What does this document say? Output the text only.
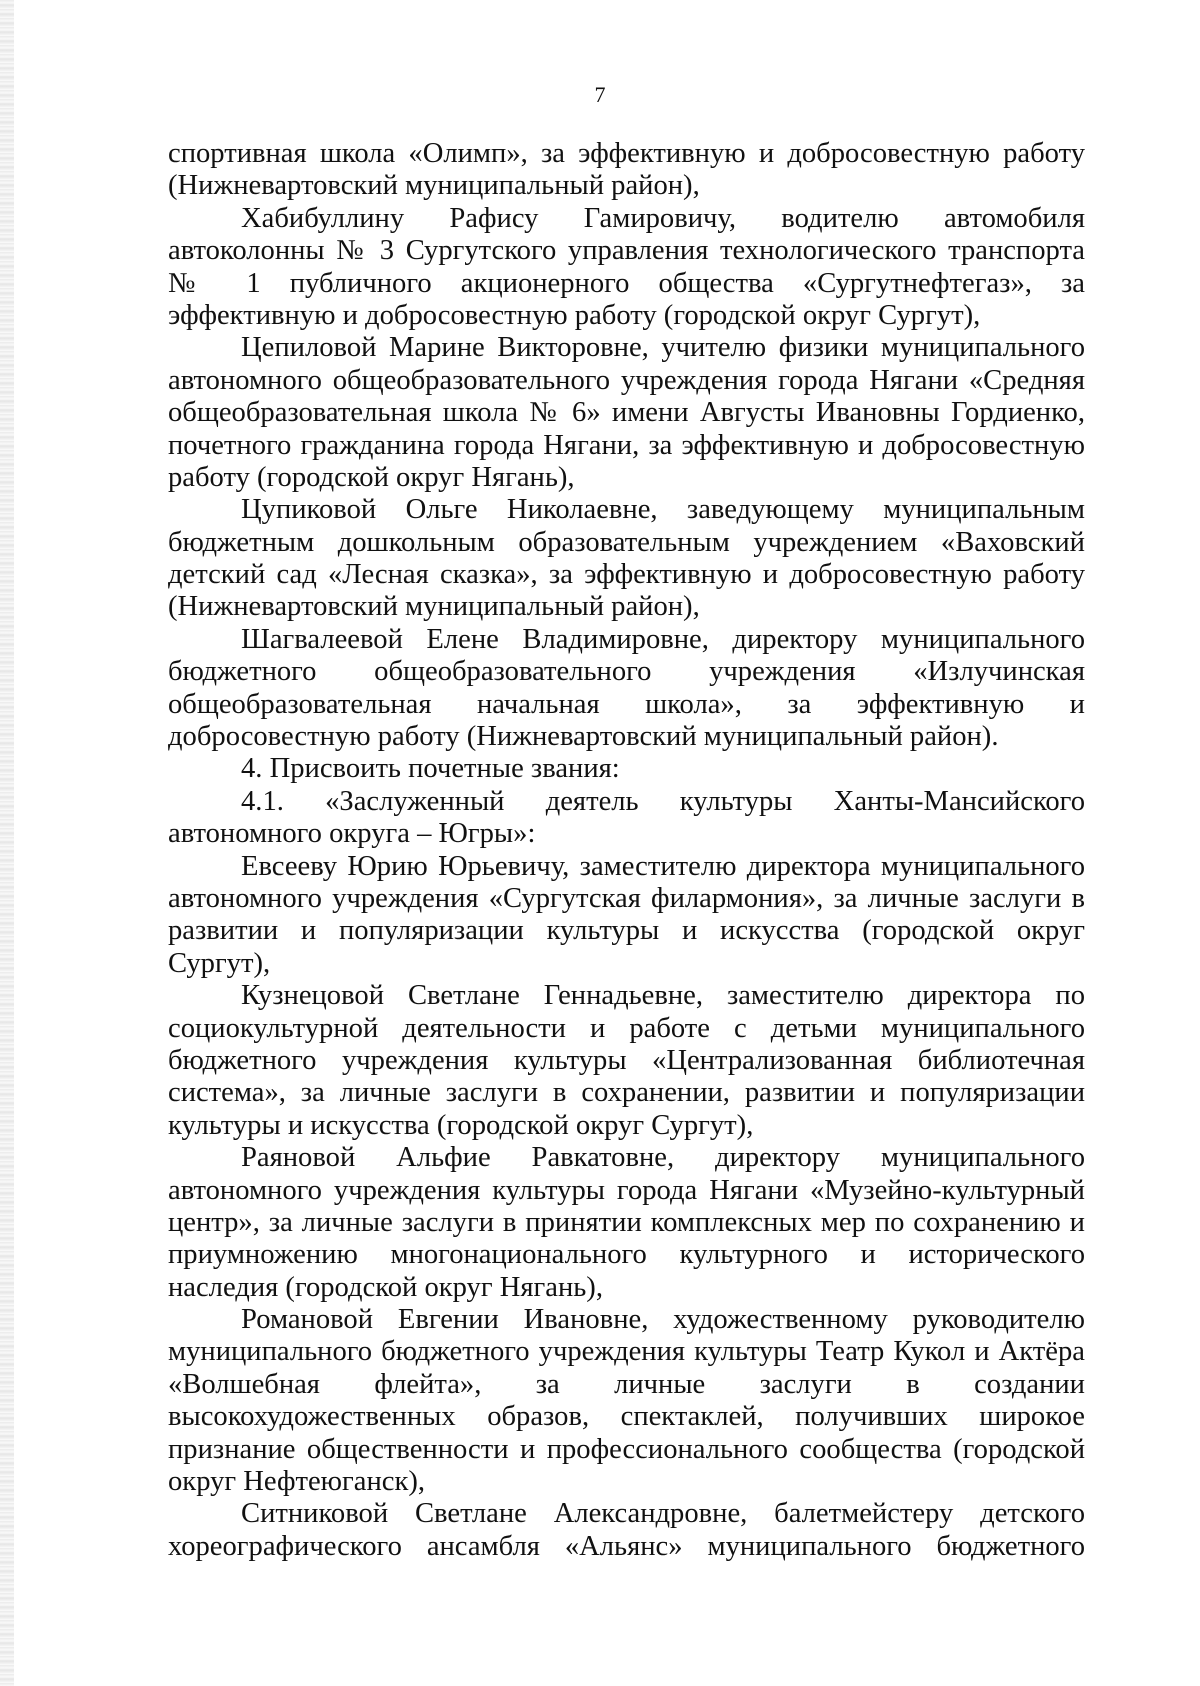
7
спортивная школа «Олимп», за эффективную и добросовестную работу
(Нижневартовский муниципальный район),
Хабибуллину Рафису Гамировичу, водителю автомобиля
автоколонны № 3 Сургутского управления технологического транспорта
№ 1 публичного акционерного общества «Сургутнефтегаз», за
эффективную и добросовестную работу (городской округ Сургут),
Цепиловой Марине Викторовне, учителю физики муниципального
автономного общеобразовательного учреждения города Нягани «Средняя
общеобразовательная школа № 6» имени Августы Ивановны Гордиенко,
почетного гражданина города Нягани, за эффективную и добросовестную
работу (городской округ Нягань),
Цупиковой Ольге Николаевне, заведующему муниципальным
бюджетным дошкольным образовательным учреждением «Ваховский
детский сад «Лесная сказка», за эффективную и добросовестную работу
(Нижневартовский муниципальный район),
Шагвалеевой Елене Владимировне, директору муниципального
бюджетного общеобразовательного учреждения «Излучинская
общеобразовательная начальная школа», за эффективную и
добросовестную работу (Нижневартовский муниципальный район).
4. Присвоить почетные звания:
4.1. «Заслуженный деятель культуры Ханты-Мансийского
автономного округа – Югры»:
Евсееву Юрию Юрьевичу, заместителю директора муниципального
автономного учреждения «Сургутская филармония», за личные заслуги в
развитии и популяризации культуры и искусства (городской округ
Сургут),
Кузнецовой Светлане Геннадьевне, заместителю директора по
социокультурной деятельности и работе с детьми муниципального
бюджетного учреждения культуры «Централизованная библиотечная
система», за личные заслуги в сохранении, развитии и популяризации
культуры и искусства (городской округ Сургут),
Раяновой Альфие Равкатовне, директору муниципального
автономного учреждения культуры города Нягани «Музейно-культурный
центр», за личные заслуги в принятии комплексных мер по сохранению и
приумножению многонационального культурного и исторического
наследия (городской округ Нягань),
Романовой Евгении Ивановне, художественному руководителю
муниципального бюджетного учреждения культуры Театр Кукол и Актёра
«Волшебная флейта», за личные заслуги в создании
высокохудожественных образов, спектаклей, получивших широкое
признание общественности и профессионального сообщества (городской
округ Нефтеюганск),
Ситниковой Светлане Александровне, балетмейстеру детского
хореографического ансамбля «Альянс» муниципального бюджетного
